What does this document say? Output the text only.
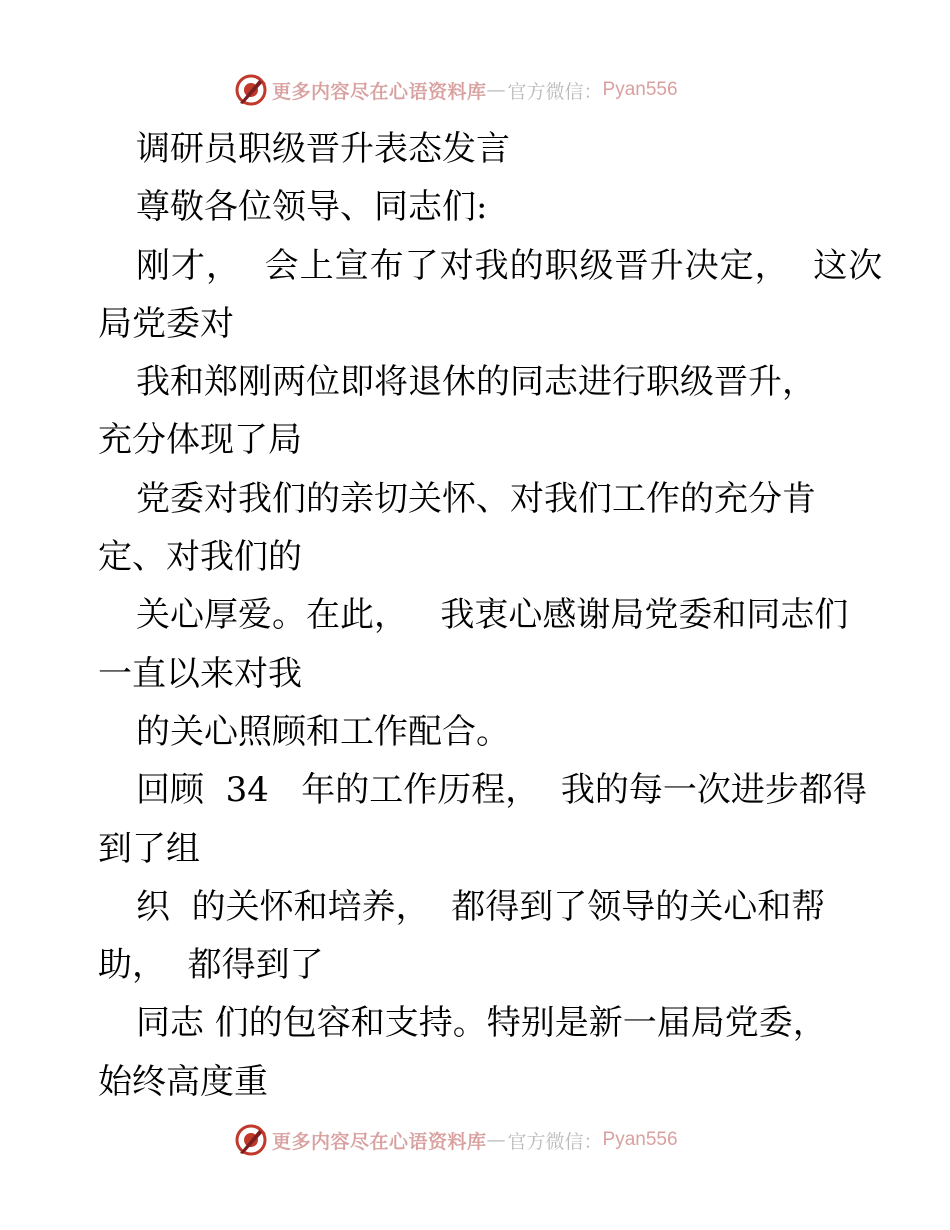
更多内容尽在心语资料库 — 官方微信： Pyan556
调研员职级晋升表态发言
尊敬各位领导、同志们:
刚才，  会上宣布了对我的职级晋升决定，  这次
局党委对
我和郑刚两位即将退休的同志进行职级晋升，
充分体现了局
党委对我们的亲切关怀、对我们工作的充分肯
定、对我们的
关心厚爱。在此，   我衷心感谢局党委和同志们
一直以来对我
的关心照顾和工作配合。
回顾  34   年的工作历程，  我的每一次进步都得
到了组
织  的关怀和培养，  都得到了领导的关心和帮
助，  都得到了
同志 们的包容和支持。特别是新一届局党委，
始终高度重
更多内容尽在心语资料库 — 官方微信： Pyan556
